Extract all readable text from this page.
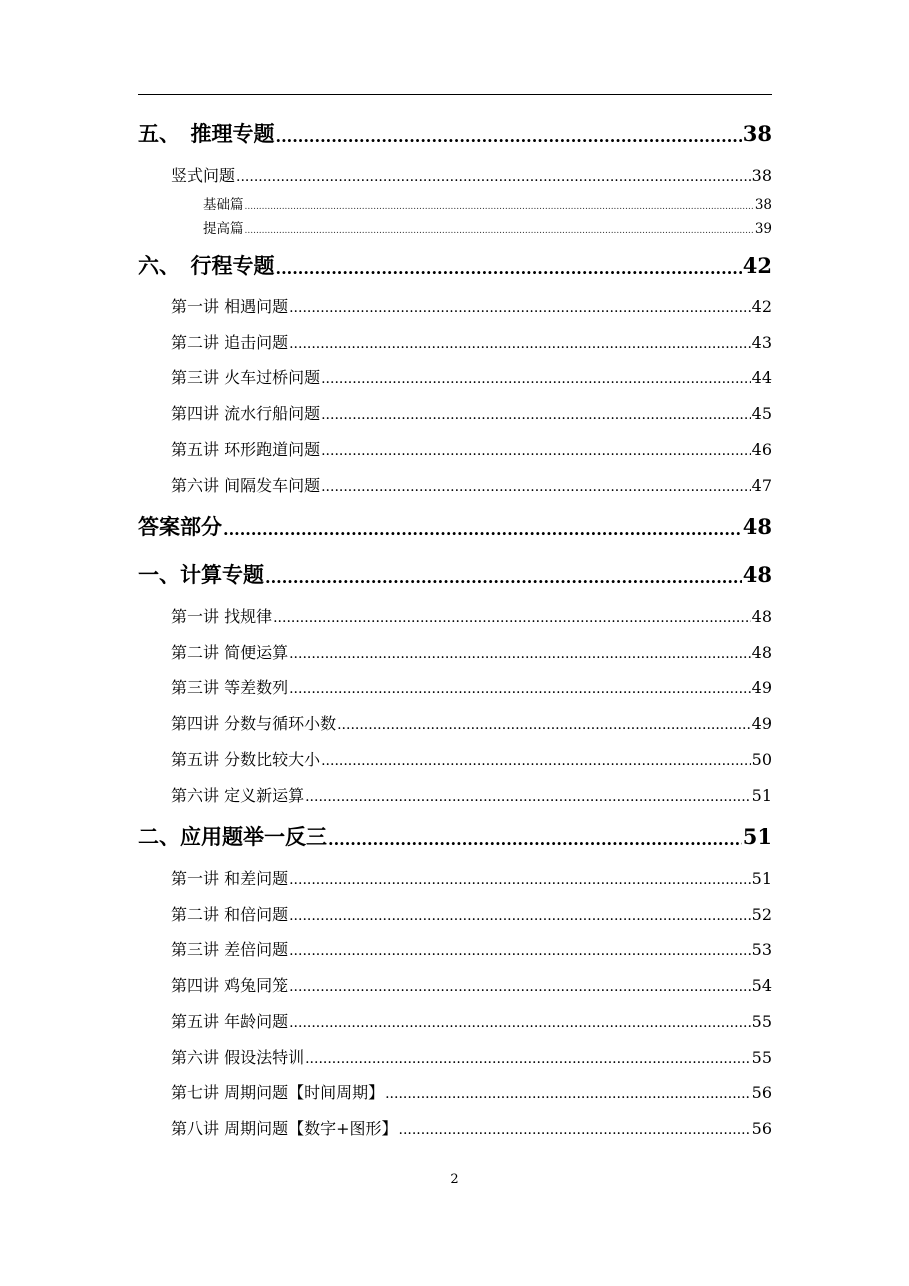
五、　推理专题 .....	38
竖式问题 .....	38
基础篇 .....	38
提高篇 .....	39
六、　行程专题 .....	42
第一讲 相遇问题 .....	42
第二讲 追击问题 .....	43
第三讲 火车过桥问题 .....	44
第四讲 流水行船问题 .....	45
第五讲 环形跑道问题 .....	46
第六讲 间隔发车问题 .....	47
答案部分 .....	48
一、计算专题 .....	48
第一讲 找规律 .....	48
第二讲 简便运算 .....	48
第三讲 等差数列 .....	49
第四讲 分数与循环小数 .....	49
第五讲 分数比较大小 .....	50
第六讲 定义新运算 .....	51
二、应用题举一反三 .....	51
第一讲 和差问题 .....	51
第二讲 和倍问题 .....	52
第三讲 差倍问题 .....	53
第四讲 鸡兔同笼 .....	54
第五讲 年龄问题 .....	55
第六讲 假设法特训 .....	55
第七讲 周期问题【时间周期】 .....	56
第八讲 周期问题【数字+图形】 .....	56
2
